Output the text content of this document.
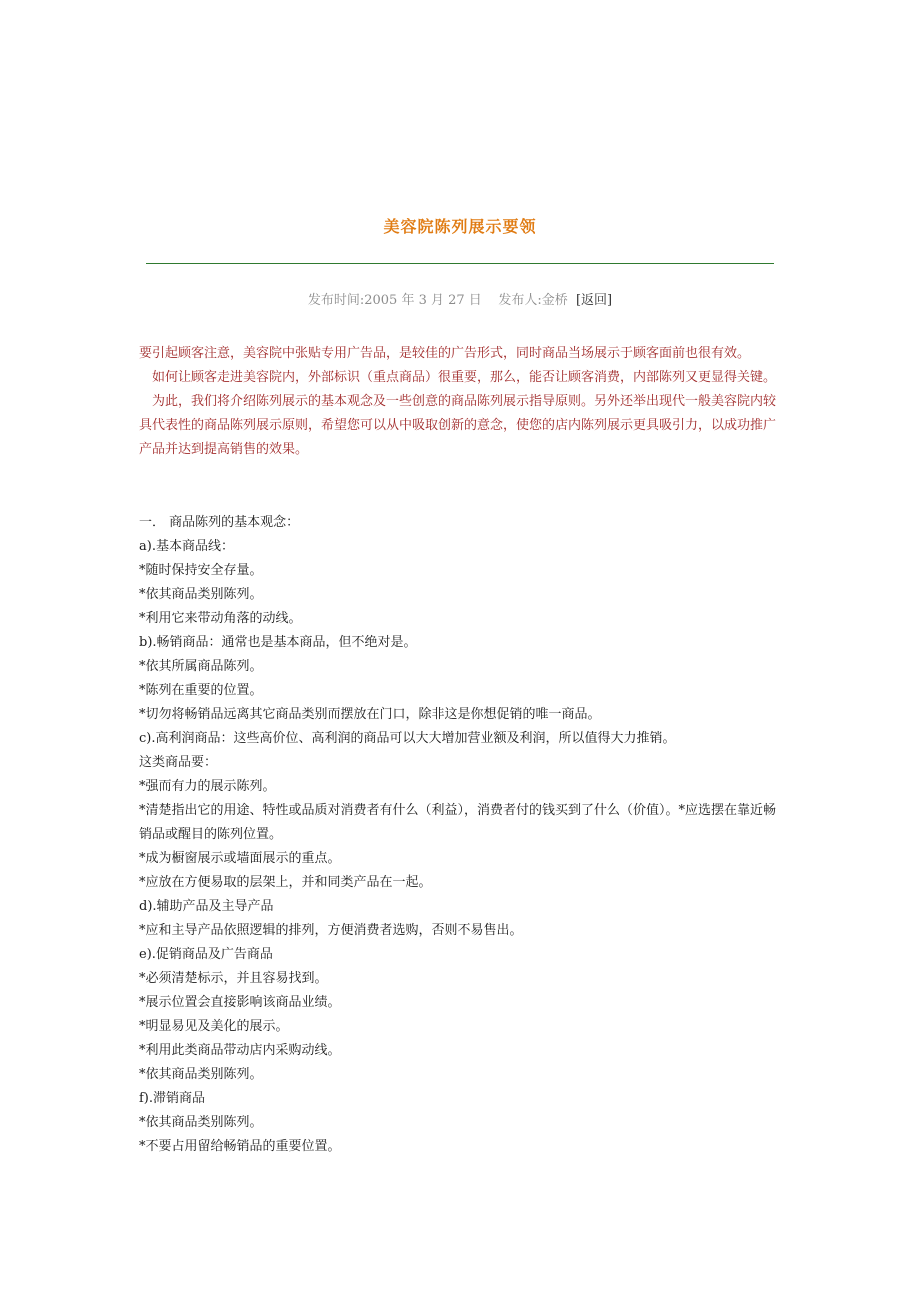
美容院陈列展示要领
发布时间:2005 年 3 月 27 日 发布人:金桥 [返回]

要引起顾客注意，美容院中张贴专用广告品，是较佳的广告形式，同时商品当场展示于顾客面前也很有效。

如何让顾客走进美容院内，外部标识（重点商品）很重要，那么，能否让顾客消费，内部陈列又更显得关键。

为此，我们将介绍陈列展示的基本观念及一些创意的商品陈列展示指导原则。另外还举出现代一般美容院内较具代表性的商品陈列展示原则，希望您可以从中吸取创新的意念，使您的店内陈列展示更具吸引力，以成功推广产品并达到提高销售的效果。

一． 商品陈列的基本观念：

a).基本商品线：

*随时保持安全存量。

*依其商品类别陈列。

*利用它来带动角落的动线。

b).畅销商品：通常也是基本商品，但不绝对是。

*依其所属商品陈列。

*陈列在重要的位置。

*切勿将畅销品远离其它商品类别而摆放在门口，除非这是你想促销的唯一商品。

c).高利润商品：这些高价位、高利润的商品可以大大增加营业额及利润，所以值得大力推销。

这类商品要：

*强而有力的展示陈列。

*清楚指出它的用途、特性或品质对消费者有什么（利益），消费者付的钱买到了什么（价值）。*应选摆在靠近畅销品或醒目的陈列位置。

*成为橱窗展示或墙面展示的重点。

*应放在方便易取的层架上，并和同类产品在一起。

d).辅助产品及主导产品

*应和主导产品依照逻辑的排列，方便消费者选购，否则不易售出。

e).促销商品及广告商品

*必须清楚标示，并且容易找到。

*展示位置会直接影响该商品业绩。

*明显易见及美化的展示。

*利用此类商品带动店内采购动线。

*依其商品类别陈列。

f).滞销商品

*依其商品类别陈列。

*不要占用留给畅销品的重要位置。
